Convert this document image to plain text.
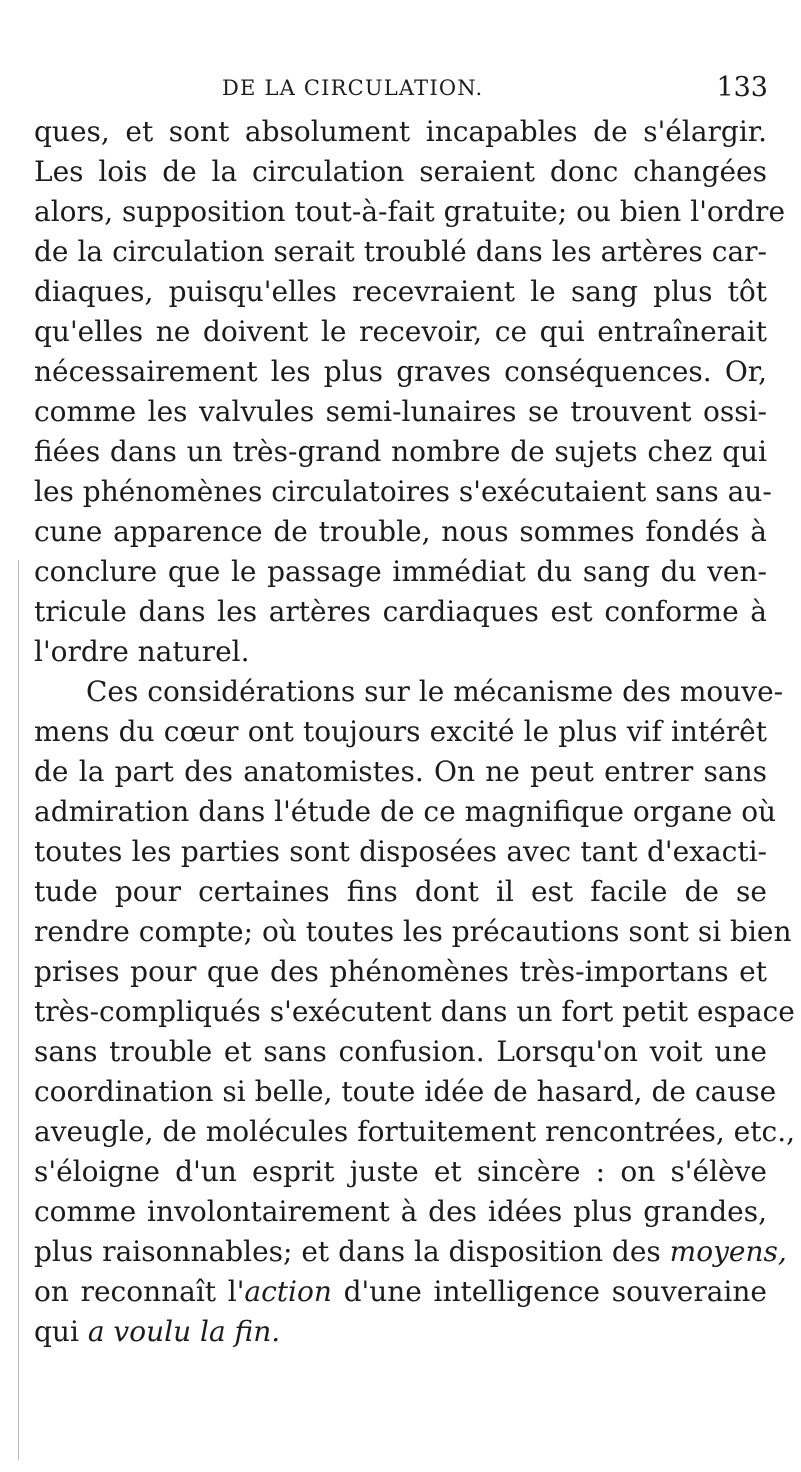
DE LA CIRCULATION.	133
ques, et sont absolument incapables de s'élargir.
Les lois de la circulation seraient donc changées
alors, supposition tout-à-fait gratuite; ou bien l'ordre
de la circulation serait troublé dans les artères car-
diaques, puisqu'elles recevraient le sang plus tôt
qu'elles ne doivent le recevoir, ce qui entraînerait
nécessairement les plus graves conséquences. Or,
comme les valvules semi-lunaires se trouvent ossi-
fiées dans un très-grand nombre de sujets chez qui
les phénomènes circulatoires s'exécutaient sans au-
cune apparence de trouble, nous sommes fondés à
conclure que le passage immédiat du sang du ven-
tricule dans les artères cardiaques est conforme à
l'ordre naturel.
Ces considérations sur le mécanisme des mouve-
mens du cœur ont toujours excité le plus vif intérêt
de la part des anatomistes. On ne peut entrer sans
admiration dans l'étude de ce magnifique organe où
toutes les parties sont disposées avec tant d'exacti-
tude pour certaines fins dont il est facile de se
rendre compte; où toutes les précautions sont si bien
prises pour que des phénomènes très-importans et
très-compliqués s'exécutent dans un fort petit espace
sans trouble et sans confusion. Lorsqu'on voit une
coordination si belle, toute idée de hasard, de cause
aveugle, de molécules fortuitement rencontrées, etc.,
s'éloigne d'un esprit juste et sincère : on s'élève
comme involontairement à des idées plus grandes,
plus raisonnables; et dans la disposition des moyens,
on reconnaît l'action d'une intelligence souveraine
qui a voulu la fin.
